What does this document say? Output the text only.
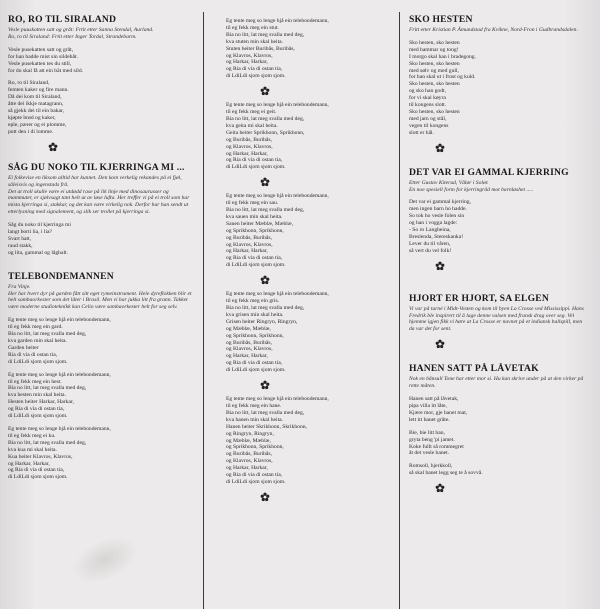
RO, RO TIL SIRALAND

Vesle puuskatten satt og gråt: Frtit etter Sanna Stendal, Aurland.
Ro, ro til Siraland: Frtit etter Inger Tordal, Strandebarm.

Vesle pusekatten satt og gråt,
for han hadde mist sin sildebåt.
Vesle pusekatten tes du still,
for du skal få att ein bät med sild.

Ro, ro til Siraland,
femten kaker og fire mann.
Då dei kom til Siraland,
åtte dei ikkje matagrann,
så gjekk dei til ein bakar,
kjøpte brød og kaker,
eple, pærer og ei plomme,
putt den i di lomme.

SÅG DU NOKO TIL KJERRINGA MI ...

Ei folkevise en liksom alltid har kunnet. Den kom verkelig rekandes på ei fjøl, såleisvis og ingenstads frå.
Det at troll skulle være ei utdødd rase på lik linje med dinosaurusser og mammuter, er sjølvsagt tant helt ut av løse lufta. Her treffer vi på ei troll som har mista kjerringa si, stakkar, og det kan være virkelig nok. Derfor har han sendt ut etterlysning med signalement, og slik ser trollet på kjerringa si.

Såg du noko til kjerringa mi
langt borti lia, i lia?
Svart hatt,
raud stakk,
og lita, gammal og låghalt.

TELEBONDEMANNEN

Fra Vinje.
Her har hvert dyr på garden fått sitt eget rymeinstrument. Hele dyreflokken blir et helt sambaorkester som det låter i Brasil. Men vi har jukka litt fra grann. Takket være moderne studioteknikk kan Celio være sambaorkester helt for seg selv.

Eg tente meg so lenge hjå ein telebondemann,
til eg fekk meg ein gard.
Bia no litt, lat meg svalla med deg,
kva garden min skal heita.
Garden heiter
Ria di via di ostan tia,
di LdiLdi sjom sjom sjom.

Eg tente meg so lenge hjå ein telebondemann,
til eg fekk meg ein hest.
Bia no litt, lat meg svalla med deg,
kva hesten min skal heita.
Hesten heiter Harkar, Harkar,
og Ria di via di ostan tia,
di LdiLdi sjom sjom sjom.

Eg tente meg so lenge hjå ein telebondemann,
til eg fekk meg ei ku.
Bia no litt, lat meg svalla med deg,
kva kua mi skal heita.
Kua heiter Klavros, Klavros,
og Harkar, Harkar,
og Ria di via di ostan tia,
di LdiLdi sjom sjom sjom.

Eg tente meg so lenge hjå ein telebondemann,
til eg fekk meg ein stut.
Bia no litt, lat meg svalla med deg,
kva stuten min skal heita.
Stuten heiter Buribås, Buribås,
og Klavros, Klavros,
og Harkar, Harkar,
og Ria di via di ostan tia,
di LdiLdi sjom sjom sjom.

Eg tente meg so lenge hjå ein telebondemann,
til eg fekk meg ei geit.
Bia no litt, lat meg svalla med deg,
kva geita mi skal heita.
Geita heiter Sprikhonn, Sprikhonn,
og Buribås, Buribås,
og Klavros, Klavros,
og Harkar, Harkar,
og Ria di via di ostan tia,
di LdiLdi sjom sjom sjom.

Eg tente meg so lenge hjå ein telebondemann,
til eg fekk meg ein sau.
Bia no litt, lat meg svalla med deg,
kva sauen min skal heita.
Sauen heiter Mæblæ, Mæblæ,
og Sprikhonn, Sprikhonn,
og Buribås, Buribås,
og Klavros, Klavros,
og Harkar, Harkar,
og Ria di via di ostan tia,
di LdiLdi sjom sjom sjom.

Eg tente meg so lenge hjå ein telebondemann,
til eg fekk meg ein gris.
Bia no litt, lat meg svalla med deg,
kva grisen min skal heita.
Grisen heiter Ringryn, Ringryn,
og Mæblæ, Mæblæ,
og Sprikhonn, Sprikhonn,
og Buribås, Buribås,
og Klavros, Klavros,
og Harkar, Harkar,
og Ria di via di ostan tia,
di LdiLdi sjom sjom sjom.

Eg tente meg so lenge hjå ein telebondemann,
til eg fekk meg ein hane.
Bia no litt, lat meg svalla med deg,
kva hanen min skal heita.
Hanen heiter Skrikhonn, Skrikhonn,
og Ringryn, Ringryn,
og Mæblæ, Mæblæ,
og Sprikhonn, Sprikhonn,
og Buribås, Buribås,
og Klavros, Klavros,
og Harkar, Harkar,
og Ria di via di ostan tia,
di LdiLdi sjom sjom sjom.

SKO HESTEN

Fritt etter Kristian P. Åmundstad fra Kvikne, Nord-Fron i Gudbrandsdalen.

Sko hesten, sko hesten
med hammar og tong!
I morgo skal han i bradegong.
Sko hesten, sko hesten
med sølv og med gull,
for han skal ut i frost og kuld.
Sko hesten, sko hesten
og sko han godt,
for vi skal køyra
til kongens slott.
Sko hesten, sko hesten
med jarn og stål,
vegen til kongens
slott er hål.

DET VAR EI GAMMAL KJERRING

Etter Gustav Kiterud, Vålør i Solør.
En noe spesiell form for kjerringråd mot barnløshet .....

Det var ei gammal kjerring,
men ingen barn ho hadde.
So tok ho vesle folen sin
og han i vogga lagde:
- So ro Langbeina,
Breslenda, Stereskanka!
Lever du til våren,
så vert du vel folk!

HJORT ER HJORT, SA ELGEN

Vi var på turné i Midt-Vesten og kom til byen La Crosse ved Mississippi. Hans Fredrik ble inspirert til å lage denne valsen med fransk drag over seg. Vel hjemme igjen fikk vi høre at La Crosse er navnet på et indiansk ballspill, men da var det for sent.

HANEN SATT PÅ LÅVETAK

Nok en bånsull Tone har etter mor si. Hu kan skrive under på at den virker på rette måten.

Hanen satt på låvetak,
pipa villa itt låte,
Kjære mor, gje banet mat,
lett itt banet gråte.

Bie, bie litt ban,
gryta beng 'pi jamet.
Koke fullt så rommegret
åt det vesle banet.

Romsoll, hjerkkoll,
så skal banet legg seg te å sovvå.
